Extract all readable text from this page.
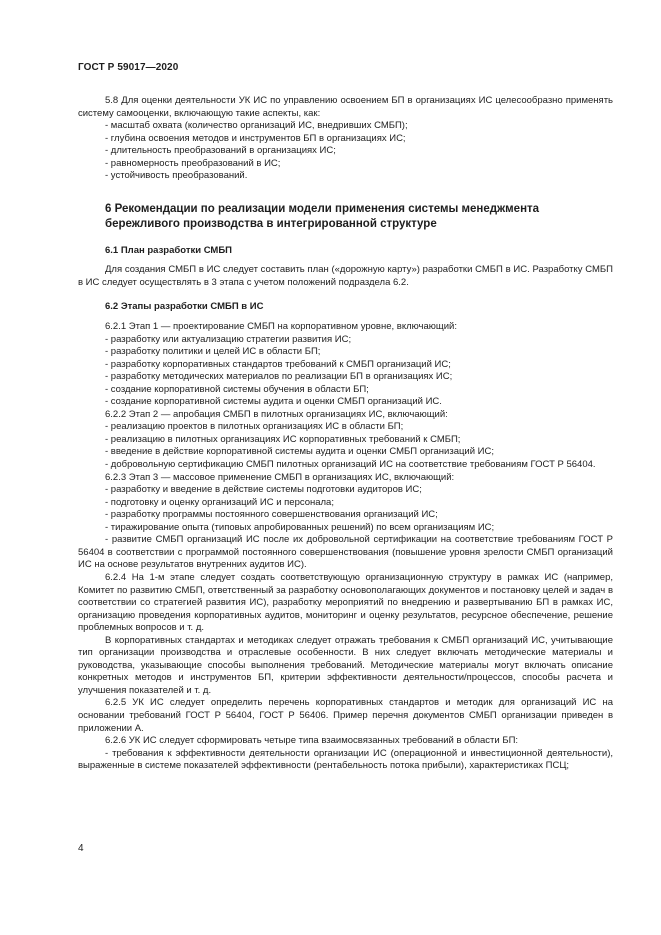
ГОСТ Р 59017—2020

5.8 Для оценки деятельности УК ИС по управлению освоением БП в организациях ИС целесообразно применять систему самооценки, включающую такие аспекты, как:

- масштаб охвата (количество организаций ИС, внедривших СМБП);

- глубина освоения методов и инструментов БП в организациях ИС;

- длительность преобразований в организациях ИС;

- равномерность преобразований в ИС;

- устойчивость преобразований.

6 Рекомендации по реализации модели применения системы менеджмента бережливого производства в интегрированной структуре
6.1 План разработки СМБП

Для создания СМБП в ИС следует составить план («дорожную карту») разработки СМБП в ИС. Разработку СМБП в ИС следует осуществлять в 3 этапа с учетом положений подраздела 6.2.

6.2 Этапы разработки СМБП в ИС

6.2.1 Этап 1 — проектирование СМБП на корпоративном уровне, включающий:

- разработку или актуализацию стратегии развития ИС;

- разработку политики и целей ИС в области БП;

- разработку корпоративных стандартов требований к СМБП организаций ИС;

- разработку методических материалов по реализации БП в организациях ИС;

- создание корпоративной системы обучения в области БП;

- создание корпоративной системы аудита и оценки СМБП организаций ИС.

6.2.2 Этап 2 — апробация СМБП в пилотных организациях ИС, включающий:

- реализацию проектов в пилотных организациях ИС в области БП;

- реализацию в пилотных организациях ИС корпоративных требований к СМБП;

- введение в действие корпоративной системы аудита и оценки СМБП организаций ИС;

- добровольную сертификацию СМБП пилотных организаций ИС на соответствие требованиям ГОСТ Р 56404.

6.2.3 Этап 3 — массовое применение СМБП в организациях ИС, включающий:

- разработку и введение в действие системы подготовки аудиторов ИС;

- подготовку и оценку организаций ИС и персонала;

- разработку программы постоянного совершенствования организаций ИС;

- тиражирование опыта (типовых апробированных решений) по всем организациям ИС;

- развитие СМБП организаций ИС после их добровольной сертификации на соответствие требованиям ГОСТ Р 56404 в соответствии с программой постоянного совершенствования (повышение уровня зрелости СМБП организаций ИС на основе результатов внутренних аудитов ИС).

6.2.4 На 1-м этапе следует создать соответствующую организационную структуру в рамках ИС (например, Комитет по развитию СМБП, ответственный за разработку основополагающих документов и постановку целей и задач в соответствии со стратегией развития ИС), разработку мероприятий по внедрению и развертыванию БП в рамках ИС, организацию проведения корпоративных аудитов, мониторинг и оценку результатов, ресурсное обеспечение, решение проблемных вопросов и т. д.

В корпоративных стандартах и методиках следует отражать требования к СМБП организаций ИС, учитывающие тип организации производства и отраслевые особенности. В них следует включать методические материалы и руководства, указывающие способы выполнения требований. Методические материалы могут включать описание конкретных методов и инструментов БП, критерии эффективности деятельности/процессов, способы расчета и улучшения показателей и т. д.

6.2.5 УК ИС следует определить перечень корпоративных стандартов и методик для организаций ИС на основании требований ГОСТ Р 56404, ГОСТ Р 56406. Пример перечня документов СМБП организации приведен в приложении А.

6.2.6 УК ИС следует сформировать четыре типа взаимосвязанных требований в области БП:

- требования к эффективности деятельности организации ИС (операционной и инвестиционной деятельности), выраженные в системе показателей эффективности (рентабельность потока прибыли), характеристиках ПСЦ;

4
